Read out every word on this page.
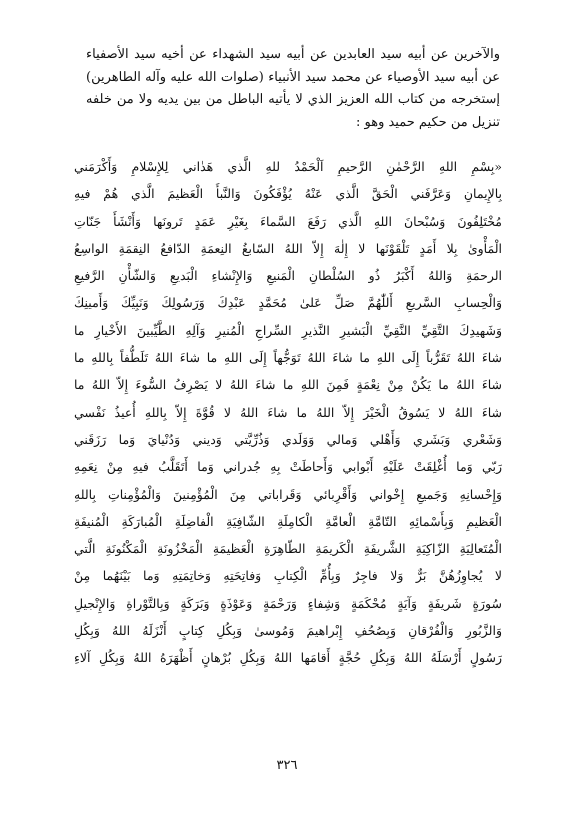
والآخرين عن أبيه سيد العابدين عن أبيه سيد الشهداء عن أخيه سيد الأصفياء عن أبيه سيد الأوصياء عن محمد سيد الأنبياء (صلوات الله عليه وآله الطاهرين) إستخرجه من كتاب الله العزيز الذي لا يأتيه الباطل من بين يديه ولا من خلفه تنزيل من حكيم حميد وهو :

«بِسْمِ اللهِ الرَّحْمٰنِ الرَّحيمِ اَلْحَمْدُ للهِ الَّذي هَدٰاني لِلإِسْلامِ وَأَكْرَمَني
بِالإِيمانِ وَعَرَّفَني الْحَقَّ الَّذي عَنْهُ يُؤْفَكُونَ وَالنَّبأَ الْعَظيمَ الَّذي هُمْ فيهِ
مُخْتَلِفُونَ وَسُبْحانَ اللهِ الَّذي رَفَعَ السَّماءَ بِغَيْرِ عَمَدٍ تَرونَها وَأَنْشَأَ جَنّاتِ
الْمَأْوىٰ بِلا أَمَدٍ تَلْقَوْنَها لا إِلٰهَ إِلاّ اللهُ السّابغُ النِعمَةِ الدّافعُ النِقمَةِ الواسِعُ
الرحمَةِ وَاللهُ أَكْبَرُ ذُو السُلْطانِ الْمَنيعِ وَالإِنْشاءِ الْبَديعِ وَالشّأْنِ الرَّفيعِ
وَالْحِسابِ السَّريعِ أَللّٰهُمَّ صَلِّ عَلىٰ مُحَمَّدٍ عَبْدِكَ وَرَسُولِكَ وَنَبِيِّكَ وَأَمينِكَ
وَشَهيدِكَ التَّقِيِّ النَّقِيِّ الْبَشيرِ النَّذيرِ السِّراجِ الْمُنيرِ وَآلِهِ الطَّيِّبينَ الأَخْيارِ ما
شاءَ اللهُ تَقَرُّباً إِلَى اللهِ ما شاءَ اللهُ تَوَجُّهاً إِلَى اللهِ ما شاءَ اللهُ تَلَطُّفاً بِاللهِ ما
شاءَ اللهُ ما يَكُنْ مِنْ نِعْمَةٍ فَمِنَ اللهِ ما شاءَ اللهُ لا يَصْرِفُ السُّوءَ إِلاّ اللهُ ما
شاءَ اللهُ لا يَسُوقُ الْخَيْرَ إِلاّ اللهُ ما شاءَ اللهُ لا قُوَّةَ إِلاّ بِاللهِ أُعيذُ نَفْسي
وَشَعْري وَبَشَري وَأَهْلي وَمالي وَوَلَدي وَذُرِّيَّتي وَديني وَدُنْيايَ وَما رَزَقَني
رَبّي وَما أُغْلِقَتْ عَلَيْهِ أَبْوابي وَأَحاطَتْ بِهِ جُدراني وَما أَتَقَلَّبُ فيهِ مِنْ نِعَمِهِ
وَإِحْسانِهِ وَجَميعِ إِخْواني وَأَقْرِبائي وَقَراباتي مِنَ الْمُؤْمِنينَ وَالْمُؤْمِناتِ بِاللهِ
الْعَظيمِ وَبِأَسْمائِهِ التّامَّةِ الْعامَّةِ الْكامِلَةِ الشّافِيَةِ الْفاضِلَةِ الْمُبارَكَةِ الْمُنيفَةِ
الْمُتَعالِيَةِ الزّاكِيَةِ الشَّريفَةِ الْكَريمَةِ الطّاهِرَةِ الْعَظيمَةِ الْمَخْزُونَةِ الْمَكْنُونَةِ الَّتي
لا يُجاوِزُهُنَّ بَرٌّ وَلا فاجِرٌ وَبِأُمِّ الْكِتابِ وَفاتِحَتِهِ وَخاتِمَتِهِ وَما بَيْنَهُما مِنْ
سُورَةٍ شَريفَةٍ وَآيَةٍ مُحْكَمَةٍ وَشِفاءٍ وَرَحْمَةٍ وَعَوْذَةٍ وَبَرَكَةٍ وَبِالتَّوْراةِ وَالإِنْجيلِ
وَالزَّبُورِ وَالْفُرْقانِ وَبِصُحُفِ إِبْراهيمَ وَمُوسىٰ وَبِكُلِ كِتابٍ أَنْزَلَهُ اللهُ وَبِكُلِ
رَسُولٍ أَرْسَلَهُ اللهُ وَبِكُلِ حُجَّةٍ أَقامَها اللهُ وَبِكُلِ بُرْهانٍ أَظْهَرَهُ اللهُ وَبِكُلِ آلاءِ
٣٢٦
